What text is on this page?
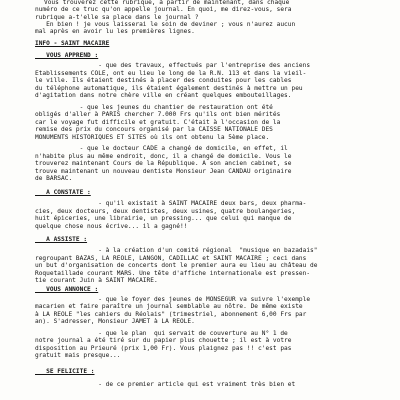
Vous trouverez cette rubrique, à partir de maintenant, dans chaque
numéro de ce truc qu'on appelle journal. En quoi, me direz-vous, sera
rubrique a-t'elle sa place dans le journal ?
En bien ! je vous laisserai le soin de deviner ; vous n'aurez aucun
mal après en avoir lu les premières lignes.
INFO - SAINT MACAIRE
VOUS APPREND :
- que des travaux, effectués par l'entreprise des anciens
Etablissements COLE, ont eu lieu le long de la R.N. 113 et dans la vieil-
le ville. Ils étaient destinés à placer des conduites pour les cables
du téléphone automatique, ils étaient également destinés à mettre un peu
d'agitation dans notre chère ville en créant quelques embouteillages.
- que les jeunes du chantier de restauration ont été
obligés d'aller à PARIS chercher 7.000 Frs qu'ils ont bien mérités
car le voyage fut difficile et gratuit. C'était à l'occasion de la
remise des prix du concours organisé par la CAISSE NATIONALE DES
MONUMENTS HISTORIQUES ET SITES où ils ont obtenu la 5ème place.
- que le docteur CADE a changé de domicile, en effet, il
n'habite plus au même endroit, donc, il a changé de domicile. Vous le
trouverez maintenant Cours de la République. A son ancien cabinet, se
trouve maintenant un nouveau dentiste Monsieur Jean CANDAU originaire
de BARSAC.
A CONSTATE :
- qu'il existait à SAINT MACAIRE deux bars, deux pharma-
cies, deux docteurs, deux dentistes, deux usines, quatre boulangeries,
huit épiceries, une librairie, un pressing... que celui qui manque de
quelque chose nous écrive... il a gagné!!
A ASSISTE :
- à la création d'un comité régional  "musique en bazadais"
regroupant BAZAS, LA REOLE, LANGON, CADILLAC et SAINT MACAIRE ; ceci dans
un but d'organisation de concerts dont le premier aura eu lieu au château de
Roquetaillade courant MARS. Une tête d'affiche internationale est pressen-
tie courant Juin à SAINT MACAIRE.
VOUS ANNONCE :
- que le foyer des jeunes de MONSEGUR va suivre l'exemple
macarien et faire paraître un journal semblable au nôtre. De même existe
à LA REOLE "les cahiers du Réolais" (trimestriel, abonnement 6,00 Frs par
an). S'adresser, Monsieur JAMET à LA REOLE.
- que le plan  qui servait de couverture au N° 1 de
notre journal a été tiré sur du papier plus chouette ; il est à votre
disposition au Prieuré (prix 1,00 Fr). Vous plaignez pas !! c'est pas
gratuit mais presque...
SE FELICITE :
- de ce premier article qui est vraiment très bien et
